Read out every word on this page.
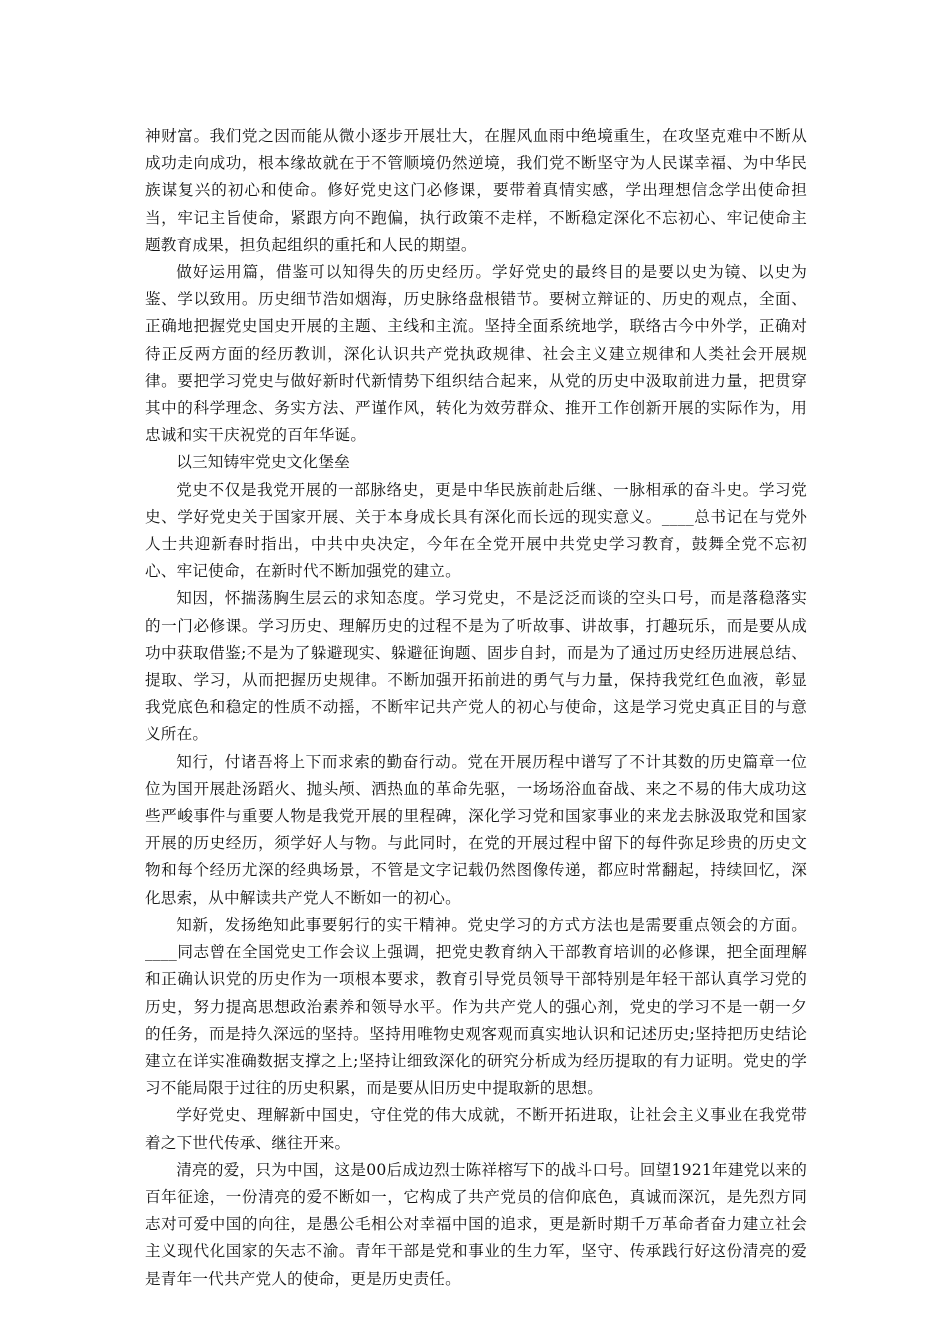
神财富。我们党之因而能从微小逐步开展壮大，在腥风血雨中绝境重生，在攻坚克难中不断从成功走向成功，根本缘故就在于不管顺境仍然逆境，我们党不断坚守为人民谋幸福、为中华民族谋复兴的初心和使命。修好党史这门必修课，要带着真情实感，学出理想信念学出使命担当，牢记主旨使命，紧跟方向不跑偏，执行政策不走样，不断稳定深化不忘初心、牢记使命主题教育成果，担负起组织的重托和人民的期望。

做好运用篇，借鉴可以知得失的历史经历。学好党史的最终目的是要以史为镜、以史为鉴、学以致用。历史细节浩如烟海，历史脉络盘根错节。要树立辩证的、历史的观点，全面、正确地把握党史国史开展的主题、主线和主流。坚持全面系统地学，联络古今中外学，正确对待正反两方面的经历教训，深化认识共产党执政规律、社会主义建立规律和人类社会开展规律。要把学习党史与做好新时代新情势下组织结合起来，从党的历史中汲取前进力量，把贯穿其中的科学理念、务实方法、严谨作风，转化为效劳群众、推开工作创新开展的实际作为，用忠诚和实干庆祝党的百年华诞。

以三知铸牢党史文化堡垒

党史不仅是我党开展的一部脉络史，更是中华民族前赴后继、一脉相承的奋斗史。学习党史、学好党史关于国家开展、关于本身成长具有深化而长远的现实意义。____总书记在与党外人士共迎新春时指出，中共中央决定，今年在全党开展中共党史学习教育，鼓舞全党不忘初心、牢记使命，在新时代不断加强党的建立。

知因，怀揣荡胸生层云的求知态度。学习党史，不是泛泛而谈的空头口号，而是落稳落实的一门必修课。学习历史、理解历史的过程不是为了听故事、讲故事，打趣玩乐，而是要从成功中获取借鉴;不是为了躲避现实、躲避征询题、固步自封，而是为了通过历史经历进展总结、提取、学习，从而把握历史规律。不断加强开拓前进的勇气与力量，保持我党红色血液，彰显我党底色和稳定的性质不动摇，不断牢记共产党人的初心与使命，这是学习党史真正目的与意义所在。

知行，付诸吾将上下而求索的勤奋行动。党在开展历程中谱写了不计其数的历史篇章一位位为国开展赴汤蹈火、抛头颅、洒热血的革命先驱，一场场浴血奋战、来之不易的伟大成功这些严峻事件与重要人物是我党开展的里程碑，深化学习党和国家事业的来龙去脉汲取党和国家开展的历史经历，须学好人与物。与此同时，在党的开展过程中留下的每件弥足珍贵的历史文物和每个经历尤深的经典场景，不管是文字记载仍然图像传递，都应时常翻起，持续回忆，深化思索，从中解读共产党人不断如一的初心。

知新，发扬绝知此事要躬行的实干精神。党史学习的方式方法也是需要重点领会的方面。____同志曾在全国党史工作会议上强调，把党史教育纳入干部教育培训的必修课，把全面理解和正确认识党的历史作为一项根本要求，教育引导党员领导干部特别是年轻干部认真学习党的历史，努力提高思想政治素养和领导水平。作为共产党人的强心剂，党史的学习不是一朝一夕的任务，而是持久深远的坚持。坚持用唯物史观客观而真实地认识和记述历史;坚持把历史结论建立在详实准确数据支撑之上;坚持让细致深化的研究分析成为经历提取的有力证明。党史的学习不能局限于过往的历史积累，而是要从旧历史中提取新的思想。

学好党史、理解新中国史，守住党的伟大成就，不断开拓进取，让社会主义事业在我党带着之下世代传承、继往开来。

清亮的爱，只为中国，这是00后成边烈士陈祥榕写下的战斗口号。回望1921年建党以来的百年征途，一份清亮的爱不断如一，它构成了共产党员的信仰底色，真诚而深沉，是先烈方同志对可爱中国的向往，是愚公毛相公对幸福中国的追求，更是新时期千万革命者奋力建立社会主义现代化国家的矢志不渝。青年干部是党和事业的生力军，坚守、传承践行好这份清亮的爱是青年一代共产党人的使命，更是历史责任。
